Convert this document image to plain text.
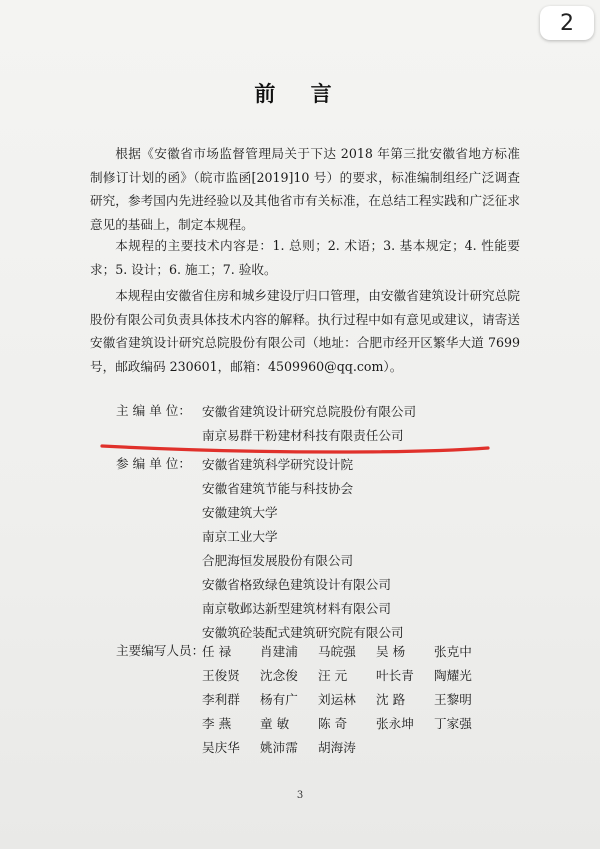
2
前 言
根据《安徽省市场监督管理局关于下达 2018 年第三批安徽省地方标准制修订计划的函》（皖市监函[2019]10 号）的要求，标准编制组经广泛调查研究，参考国内先进经验以及其他省市有关标准，在总结工程实践和广泛征求意见的基础上，制定本规程。
本规程的主要技术内容是：1. 总则；2. 术语；3. 基本规定；4. 性能要求；5. 设计；6. 施工；7. 验收。
本规程由安徽省住房和城乡建设厅归口管理，由安徽省建筑设计研究总院股份有限公司负责具体技术内容的解释。执行过程中如有意见或建议，请寄送安徽省建筑设计研究总院股份有限公司（地址：合肥市经开区繁华大道 7699 号，邮政编码 230601，邮箱：4509960@qq.com）。
主 编 单 位： 安徽省建筑设计研究总院股份有限公司
南京易群干粉建材科技有限责任公司
参 编 单 位： 安徽省建筑科学研究设计院
安徽省建筑节能与科技协会
安徽建筑大学
南京工业大学
合肥海恒发展股份有限公司
安徽省格致绿色建筑设计有限公司
南京敬邺达新型建筑材料有限公司
安徽筑砼装配式建筑研究院有限公司
主要编写人员：
任 禄	肖建浦	马皖强	吴 杨	张克中
王俊贤	沈念俊	汪 元	叶长青	陶耀光
李利群	杨有广	刘运林	沈 路	王黎明
李 燕	童 敏	陈 奇	张永坤	丁家强
吴庆华	姚沛霈	胡海涛
3
